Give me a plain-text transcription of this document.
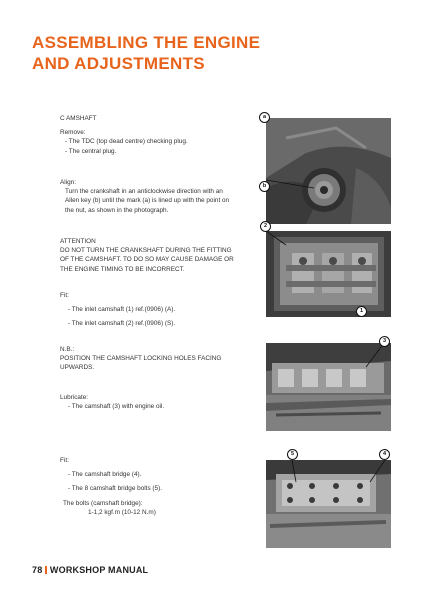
ASSEMBLING THE ENGINE
AND ADJUSTMENTS

C AMSHAFT

Remove:

- The TDC (top dead centre) checking plug.

- The central plug.

Align:

Turn the crankshaft in an anticlockwise direction with an

Allen key (b) until the mark (a) is lined up with the point on

the nut, as shown in the photograph.

ATTENTION

DO NOT TURN THE CRANKSHAFT DURING THE FITTING

OF THE CAMSHAFT. TO DO SO MAY CAUSE DAMAGE OR

THE ENGINE TIMING TO BE INCORRECT.

Fit:

- The inlet camshaft (1) ref.(0906) (A).

- The inlet camshaft (2) ref.(0906) (S).

N.B.:

POSITION THE CAMSHAFT LOCKING HOLES FACING

UPWARDS.

Lubricate:

- The camshaft (3) with engine oil.

Fit:

- The camshaft bridge (4).

- The 8 camshaft bridge bolts (5).

The bolts (camshaft bridge):

1-1,2 kgf.m (10-12 N.m)

a
b
2
1
3
5	4
78 WORKSHOP MANUAL
